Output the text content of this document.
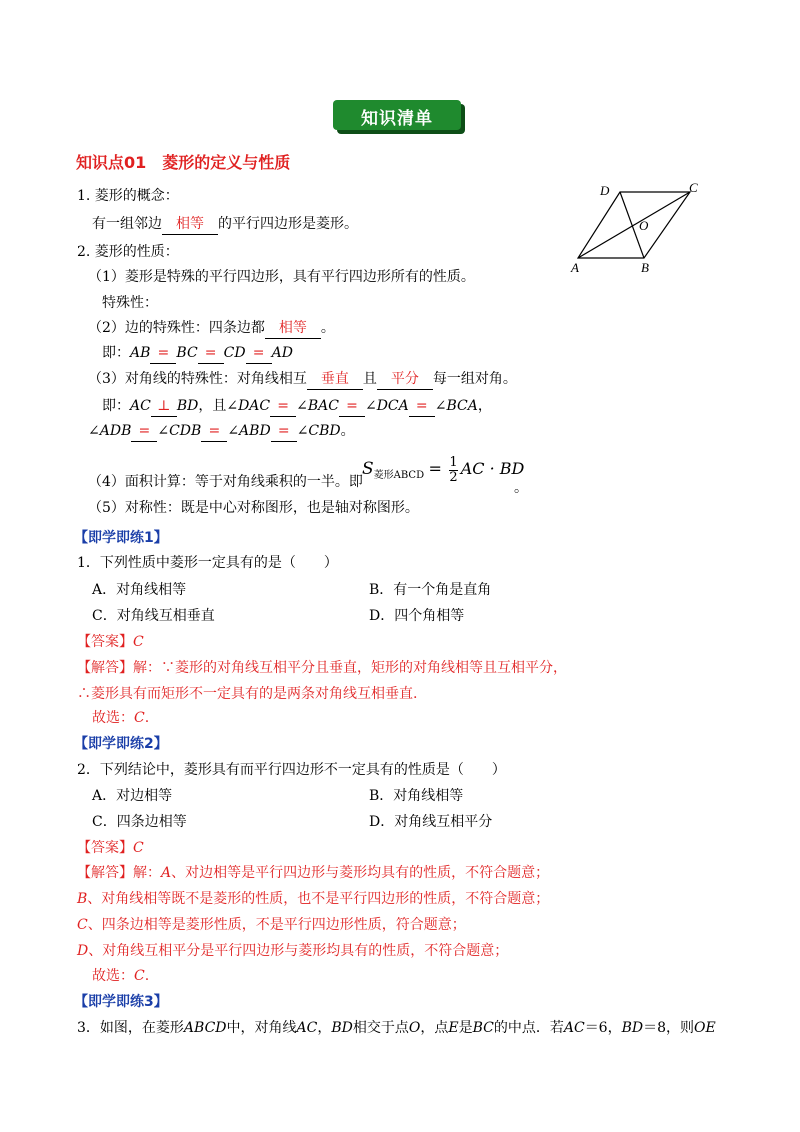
知识清单
知识点01　菱形的定义与性质
1. 菱形的概念：
有一组邻边 相等 的平行四边形是菱形。
2. 菱形的性质：
（1）菱形是特殊的平行四边形，具有平行四边形所有的性质。
特殊性：
（2）边的特殊性：四条边都 相等 。
即：AB = BC = CD = AD
（3）对角线的特殊性：对角线相互 垂直 且 平分 每一组对角。
即：AC ⊥ BD，且∠DAC = ∠BAC = ∠DCA = ∠BCA，
∠ADB = ∠CDB = ∠ABD = ∠CBD。
（4）面积计算：等于对角线乘积的一半。即
$S_{菱形ABCD} = \frac{1}{2}$ AC · BD
。
（5）对称性：既是中心对称图形，也是轴对称图形。
D	C
O
A	B
【即学即练1】
1．下列性质中菱形一定具有的是（　　）
A．对角线相等	B．有一个角是直角
C．对角线互相垂直	D．四个角相等
【答案】C
【解答】解：∵菱形的对角线互相平分且垂直，矩形的对角线相等且互相平分，
∴菱形具有而矩形不一定具有的是两条对角线互相垂直.
故选：C.
【即学即练2】
2．下列结论中，菱形具有而平行四边形不一定具有的性质是（　　）
A．对边相等	B．对角线相等
C．四条边相等	D．对角线互相平分
【答案】C
【解答】解：A、对边相等是平行四边形与菱形均具有的性质，不符合题意；
B、对角线相等既不是菱形的性质，也不是平行四边形的性质，不符合题意；
C、四条边相等是菱形性质，不是平行四边形性质，符合题意；
D、对角线互相平分是平行四边形与菱形均具有的性质，不符合题意；
故选：C.
【即学即练3】
3．如图，在菱形ABCD中，对角线AC，BD相交于点O，点E是BC的中点．若AC＝6，BD＝8，则OE
